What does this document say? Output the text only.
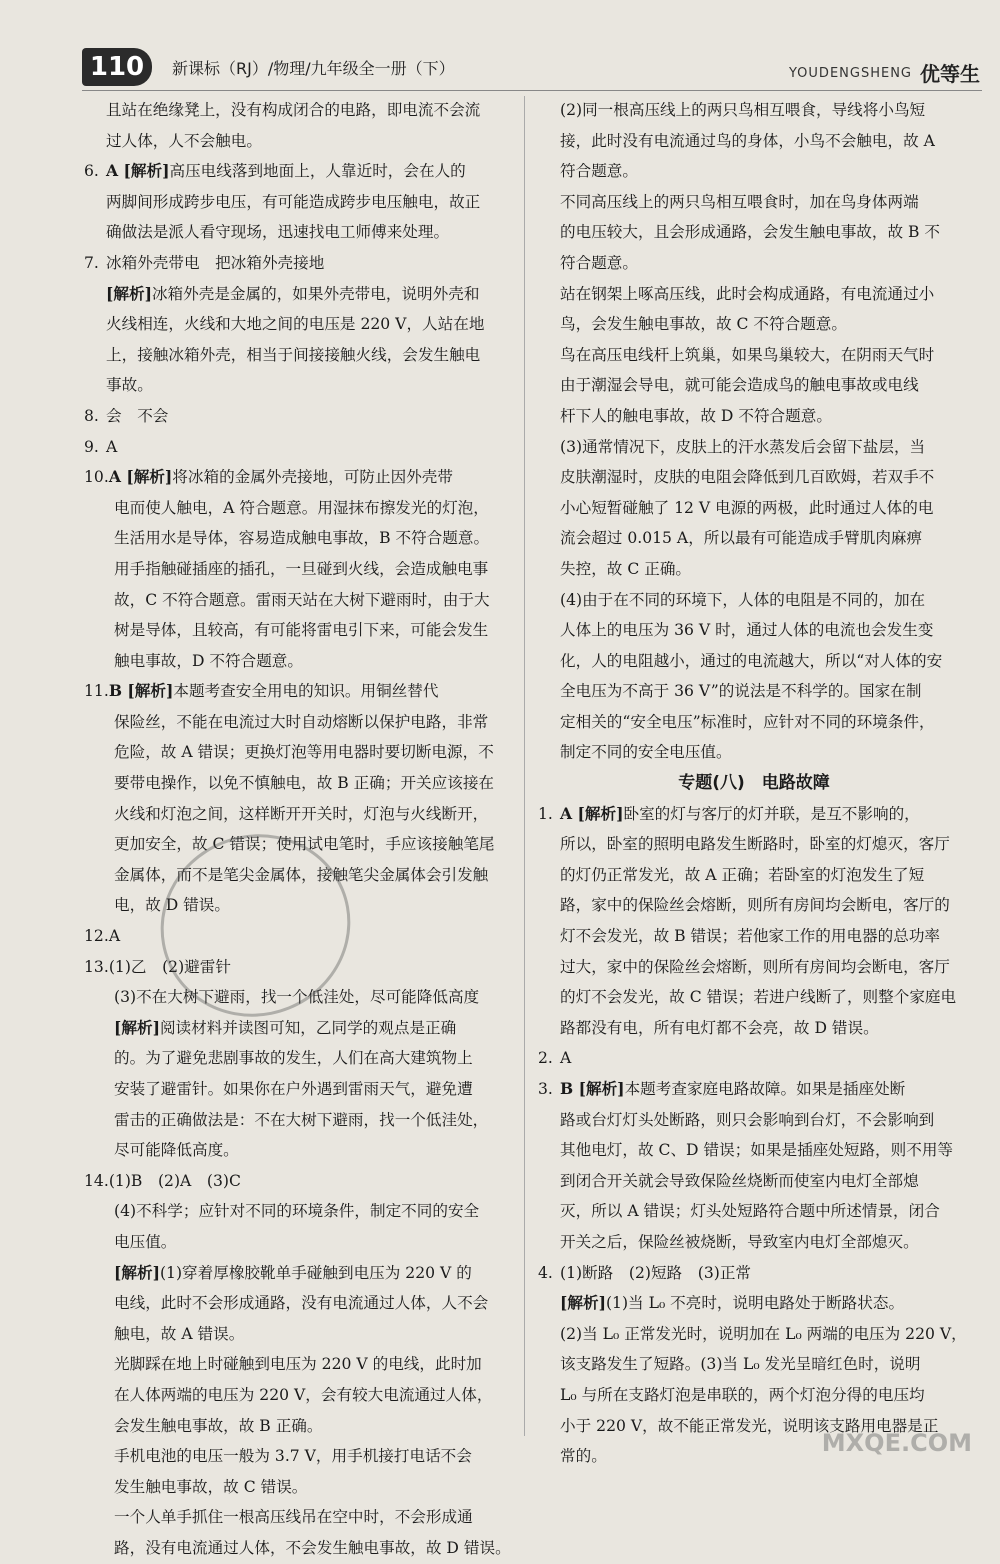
110	新课标（RJ）/物理/九年级全一册（下）	YOUDENGSHENG 优等生
且站在绝缘凳上，没有构成闭合的电路，即电流不会流
过人体，人不会触电。
6. A [解析]高压电线落到地面上，人靠近时，会在人的
两脚间形成跨步电压，有可能造成跨步电压触电，故正
确做法是派人看守现场，迅速找电工师傅来处理。
7. 冰箱外壳带电　把冰箱外壳接地
[解析]冰箱外壳是金属的，如果外壳带电，说明外壳和
火线相连，火线和大地之间的电压是 220 V，人站在地
上，接触冰箱外壳，相当于间接接触火线，会发生触电
事故。
8. 会　不会
9. A
10.A [解析]将冰箱的金属外壳接地，可防止因外壳带
电而使人触电，A 符合题意。用湿抹布擦发光的灯泡，
生活用水是导体，容易造成触电事故，B 不符合题意。
用手指触碰插座的插孔，一旦碰到火线，会造成触电事
故，C 不符合题意。雷雨天站在大树下避雨时，由于大
树是导体，且较高，有可能将雷电引下来，可能会发生
触电事故，D 不符合题意。
11.B [解析]本题考查安全用电的知识。用铜丝替代
保险丝，不能在电流过大时自动熔断以保护电路，非常
危险，故 A 错误；更换灯泡等用电器时要切断电源，不
要带电操作，以免不慎触电，故 B 正确；开关应该接在
火线和灯泡之间，这样断开开关时，灯泡与火线断开，
更加安全，故 C 错误；使用试电笔时，手应该接触笔尾
金属体，而不是笔尖金属体，接触笔尖金属体会引发触
电，故 D 错误。
12.A
13.(1)乙　(2)避雷针
(3)不在大树下避雨，找一个低洼处，尽可能降低高度
[解析]阅读材料并读图可知，乙同学的观点是正确
的。为了避免悲剧事故的发生，人们在高大建筑物上
安装了避雷针。如果你在户外遇到雷雨天气，避免遭
雷击的正确做法是：不在大树下避雨，找一个低洼处，
尽可能降低高度。
14.(1)B　(2)A　(3)C
(4)不科学；应针对不同的环境条件，制定不同的安全
电压值。
[解析](1)穿着厚橡胶靴单手碰触到电压为 220 V 的
电线，此时不会形成通路，没有电流通过人体，人不会
触电，故 A 错误。
光脚踩在地上时碰触到电压为 220 V 的电线，此时加
在人体两端的电压为 220 V，会有较大电流通过人体，
会发生触电事故，故 B 正确。
手机电池的电压一般为 3.7 V，用手机接打电话不会
发生触电事故，故 C 错误。
一个人单手抓住一根高压线吊在空中时，不会形成通
路，没有电流通过人体，不会发生触电事故，故 D 错误。
(2)同一根高压线上的两只鸟相互喂食，导线将小鸟短
接，此时没有电流通过鸟的身体，小鸟不会触电，故 A
符合题意。
不同高压线上的两只鸟相互喂食时，加在鸟身体两端
的电压较大，且会形成通路，会发生触电事故，故 B 不
符合题意。
站在钢架上啄高压线，此时会构成通路，有电流通过小
鸟，会发生触电事故，故 C 不符合题意。
鸟在高压电线杆上筑巢，如果鸟巢较大，在阴雨天气时
由于潮湿会导电，就可能会造成鸟的触电事故或电线
杆下人的触电事故，故 D 不符合题意。
(3)通常情况下，皮肤上的汗水蒸发后会留下盐层，当
皮肤潮湿时，皮肤的电阻会降低到几百欧姆，若双手不
小心短暂碰触了 12 V 电源的两极，此时通过人体的电
流会超过 0.015 A，所以最有可能造成手臂肌肉麻痹
失控，故 C 正确。
(4)由于在不同的环境下，人体的电阻是不同的，加在
人体上的电压为 36 V 时，通过人体的电流也会发生变
化，人的电阻越小，通过的电流越大，所以“对人体的安
全电压为不高于 36 V”的说法是不科学的。国家在制
定相关的“安全电压”标准时，应针对不同的环境条件，
制定不同的安全电压值。
专题(八)　电路故障
1. A [解析]卧室的灯与客厅的灯并联，是互不影响的，
所以，卧室的照明电路发生断路时，卧室的灯熄灭，客厅
的灯仍正常发光，故 A 正确；若卧室的灯泡发生了短
路，家中的保险丝会熔断，则所有房间均会断电，客厅的
灯不会发光，故 B 错误；若他家工作的用电器的总功率
过大，家中的保险丝会熔断，则所有房间均会断电，客厅
的灯不会发光，故 C 错误；若进户线断了，则整个家庭电
路都没有电，所有电灯都不会亮，故 D 错误。
2. A
3. B [解析]本题考查家庭电路故障。如果是插座处断
路或台灯灯头处断路，则只会影响到台灯，不会影响到
其他电灯，故 C、D 错误；如果是插座处短路，则不用等
到闭合开关就会导致保险丝烧断而使室内电灯全部熄
灭，所以 A 错误；灯头处短路符合题中所述情景，闭合
开关之后，保险丝被烧断，导致室内电灯全部熄灭。
4. (1)断路　(2)短路　(3)正常
[解析](1)当 L₀ 不亮时，说明电路处于断路状态。
(2)当 L₀ 正常发光时，说明加在 L₀ 两端的电压为 220 V，
该支路发生了短路。(3)当 L₀ 发光呈暗红色时，说明
L₀ 与所在支路灯泡是串联的，两个灯泡分得的电压均
小于 220 V，故不能正常发光，说明该支路用电器是正
常的。	MXQE.COM
